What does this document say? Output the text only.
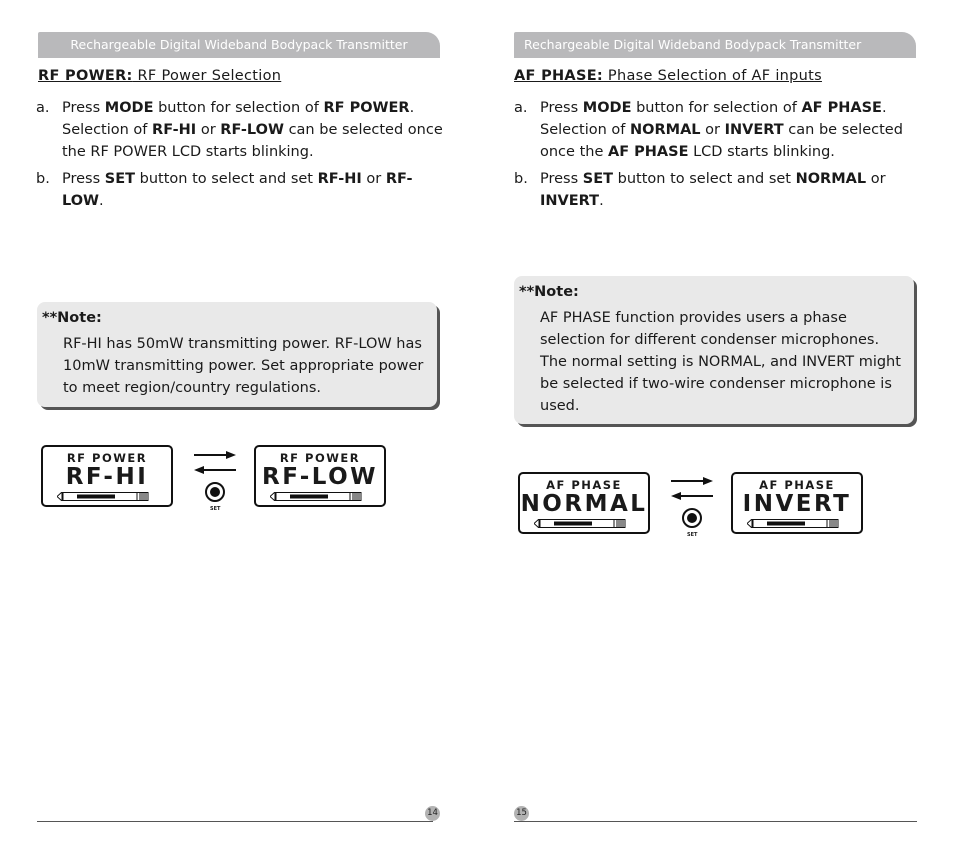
Rechargeable Digital Wideband Bodypack Transmitter
RF POWER: RF Power Selection
a. Press MODE button for selection of RF POWER. Selection of RF-HI or RF-LOW can be selected once the RF POWER LCD starts blinking.
b. Press SET button to select and set RF-HI or RF-LOW.
**Note:
RF-HI has 50mW transmitting power. RF-LOW has 10mW transmitting power. Set appropriate power to meet region/country regulations.
RF POWER
RF-HI
SET
RF POWER
RF-LOW
14
Rechargeable Digital Wideband Bodypack Transmitter
AF PHASE: Phase Selection of AF inputs
a. Press MODE button for selection of AF PHASE. Selection of NORMAL or INVERT can be selected once the AF PHASE LCD starts blinking.
b. Press SET button to select and set NORMAL or INVERT.
**Note:
AF PHASE function provides users a phase selection for different condenser microphones. The normal setting is NORMAL, and INVERT might be selected if two-wire condenser microphone is used.
AF PHASE
NORMAL
SET
AF PHASE
INVERT
15
